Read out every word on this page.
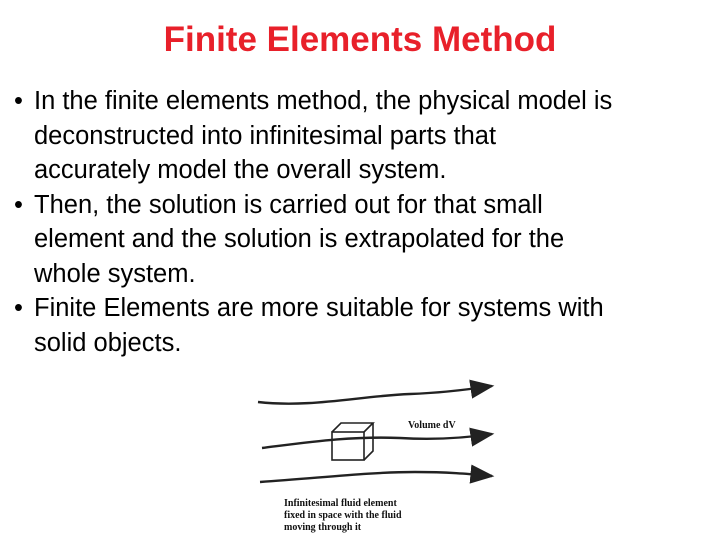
Finite Elements Method
• In the finite elements method, the physical model is
deconstructed into infinitesimal parts that
accurately model the overall system.
• Then, the solution is carried out for that small
element and the solution is extrapolated for the
whole system.
• Finite Elements are more suitable for systems with
solid objects.
Volume dV
Infinitesimal fluid element
fixed in space with the fluid
moving through it
